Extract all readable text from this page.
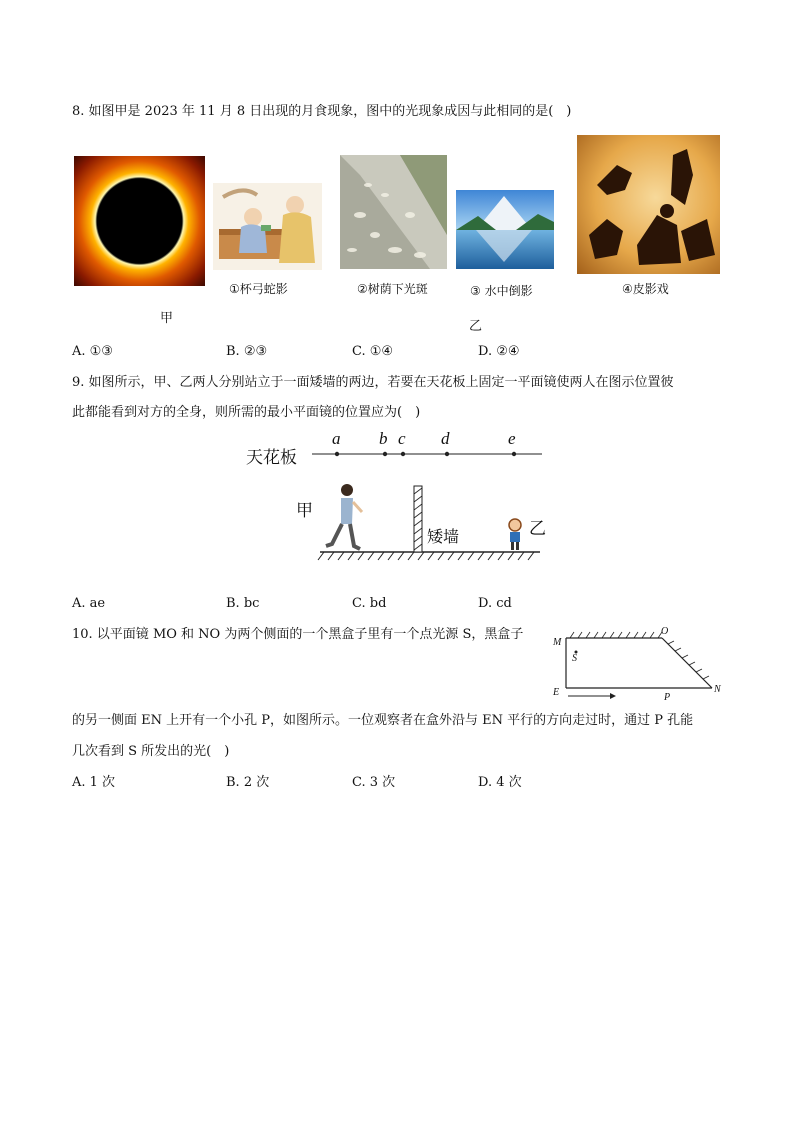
8. 如图甲是 2023 年 11 月 8 日出现的月食现象，图中的光现象成因与此相同的是(　)
甲
①杯弓蛇影	②树荫下光斑	③ 水中倒影	④皮影戏
乙
A. ①③	B. ②③	C. ①④	D. ②④
9. 如图所示，甲、乙两人分别站立于一面矮墙的两边，若要在天花板上固定一平面镜使两人在图示位置彼
此都能看到对方的全身，则所需的最小平面镜的位置应为(　)
天花板
a b c d	e
甲
矮墙	乙
A. ae	B. bc	C. bd	D. cd
10. 以平面镜 MO 和 NO 为两个侧面的一个黑盒子里有一个点光源 S，黑盒子
M
O
S
E	P
N
的另一侧面 EN 上开有一个小孔 P，如图所示。一位观察者在盒外沿与 EN 平行的方向走过时，通过 P 孔能
几次看到 S 所发出的光(　)
A. 1 次	B. 2 次	C. 3 次	D. 4 次
